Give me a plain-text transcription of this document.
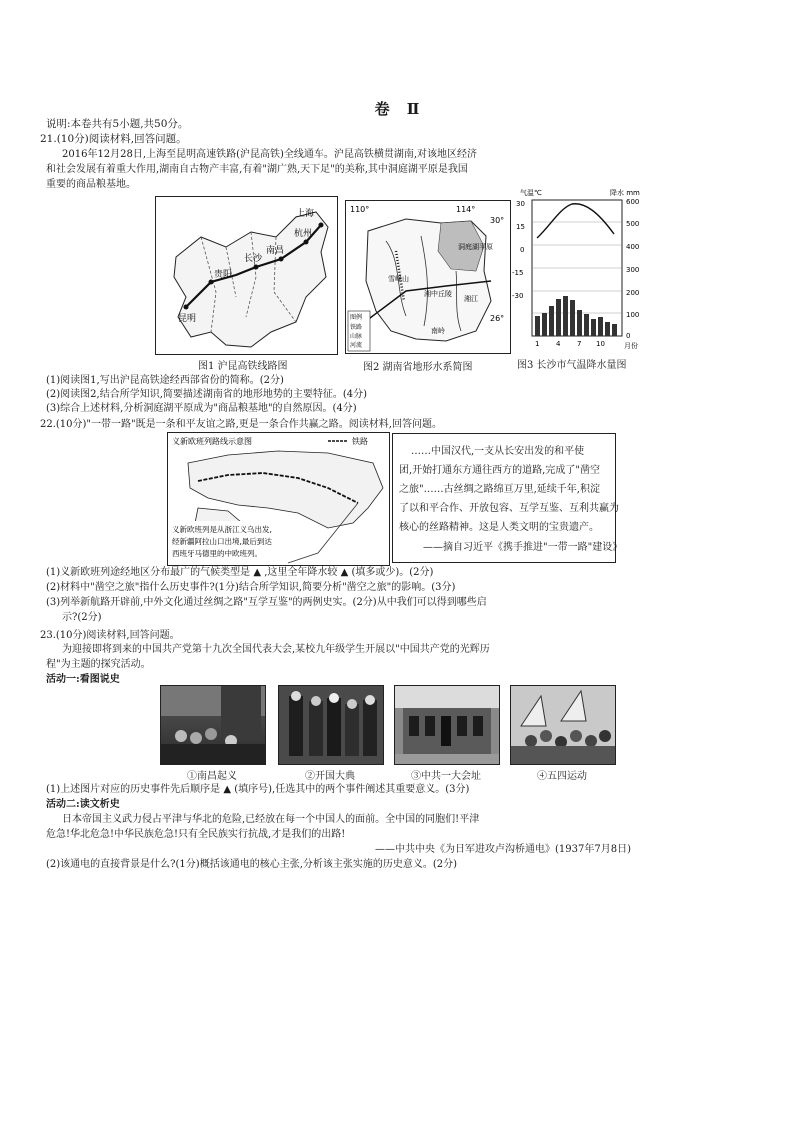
卷 Ⅱ
说明:本卷共有5小题,共50分。
21.(10分)阅读材料,回答问题。
2016年12月28日,上海至昆明高速铁路(沪昆高铁)全线通车。沪昆高铁横贯湖南,对该地区经济
和社会发展有着重大作用,湖南自古物产丰富,有着"湖广熟,天下足"的美称,其中洞庭湖平原是我国
重要的商品粮基地。
上海
杭州
南昌
长沙
贵阳
昆明
图1 沪昆高铁线路图
110°	114°
30°
26°
洞庭湖平原
湘中丘陵
湘江
雪峰山
南岭
图例
铁路
山脉
河流
图2 湖南省地形水系简图
气温℃	降水 mm
30
15
0
-15
-30
600
500
400
300
200
100
0
1 4 7 10	月份
图3 长沙市气温降水量图
(1)阅读图1,写出沪昆高铁途经西部省份的简称。(2分)
(2)阅读图2,结合所学知识,简要描述湖南省的地形地势的主要特征。(4分)
(3)综合上述材料,分析洞庭湖平原成为"商品粮基地"的自然原因。(4分)
22.(10分)"一带一路"既是一条和平友谊之路,更是一条合作共赢之路。阅读材料,回答问题。
义新欧班列路线示意图	铁路
义新欧班列是从浙江义乌出发,
经新疆阿拉山口出境,最后到达
西班牙马德里的中欧班列。
……中国汉代,一支从长安出发的和平使
团,开始打通东方通往西方的道路,完成了"凿空
之旅"……古丝绸之路绵亘万里,延续千年,积淀
了以和平合作、开放包容、互学互鉴、互利共赢为
核心的丝路精神。这是人类文明的宝贵遗产。
——摘自习近平《携手推进"一带一路"建设》
(1)义新欧班列途经地区分布最广的气候类型是 ▲ ,这里全年降水较 ▲ (填多或少)。(2分)
(2)材料中"凿空之旅"指什么历史事件?(1分)结合所学知识,简要分析"凿空之旅"的影响。(3分)
(3)列举新航路开辟前,中外文化通过丝绸之路"互学互鉴"的两例史实。(2分)从中我们可以得到哪些启
示?(2分)
23.(10分)阅读材料,回答问题。
为迎接即将到来的中国共产党第十九次全国代表大会,某校九年级学生开展以"中国共产党的光辉历
程"为主题的探究活动。
活动一:看图说史
①南昌起义	②开国大典	③中共一大会址	④五四运动
(1)上述图片对应的历史事件先后顺序是 ▲ (填序号),任选其中的两个事件阐述其重要意义。(3分)
活动二:读文析史
日本帝国主义武力侵占平津与华北的危险,已经放在每一个中国人的面前。全中国的同胞们!平津
危急!华北危急!中华民族危急!只有全民族实行抗战,才是我们的出路!
——中共中央《为日军进攻卢沟桥通电》(1937年7月8日)
(2)该通电的直接背景是什么?(1分)概括该通电的核心主张,分析该主张实施的历史意义。(2分)
